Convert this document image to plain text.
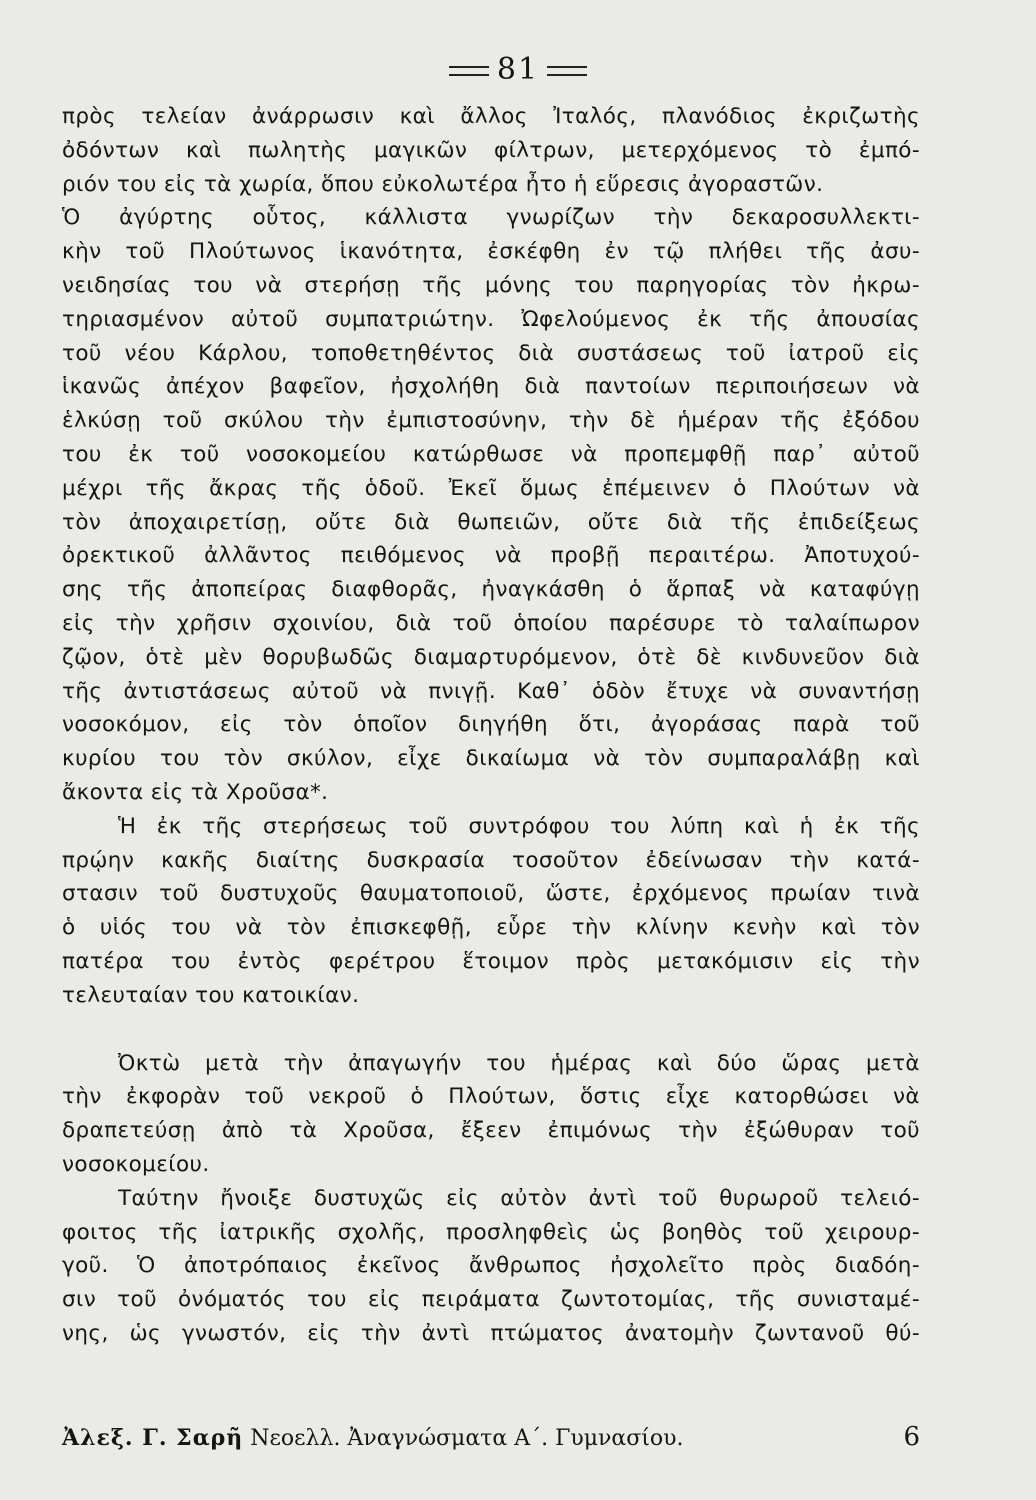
81
πρὸς τελείαν ἀνάρρωσιν καὶ ἄλλος Ἰταλός, πλανόδιος ἐκριζωτὴς
ὀδόντων καὶ πωλητὴς μαγικῶν φίλτρων, μετερχόμενος τὸ ἐμπό-
ριόν του εἰς τὰ χωρία, ὅπου εὐκολωτέρα ἦτο ἡ εὕρεσις ἀγοραστῶν.
Ὁ ἀγύρτης οὗτος, κάλλιστα γνωρίζων τὴν δεκαροσυλλεκτι-
κὴν τοῦ Πλούτωνος ἱκανότητα, ἐσκέφθη ἐν τῷ πλήθει τῆς ἀσυ-
νειδησίας του νὰ στερήσῃ τῆς μόνης του παρηγορίας τὸν ἠκρω-
τηριασμένον αὐτοῦ συμπατριώτην. Ὠφελούμενος ἐκ τῆς ἀπουσίας
τοῦ νέου Κάρλου, τοποθετηθέντος διὰ συστάσεως τοῦ ἰατροῦ εἰς
ἱκανῶς ἀπέχον βαφεῖον, ἠσχολήθη διὰ παντοίων περιποιήσεων νὰ
ἑλκύσῃ τοῦ σκύλου τὴν ἐμπιστοσύνην, τὴν δὲ ἡμέραν τῆς ἐξόδου
του ἐκ τοῦ νοσοκομείου κατώρθωσε νὰ προπεμφθῇ παρ᾽ αὐτοῦ
μέχρι τῆς ἄκρας τῆς ὁδοῦ. Ἐκεῖ ὅμως ἐπέμεινεν ὁ Πλούτων νὰ
τὸν ἀποχαιρετίσῃ, οὔτε διὰ θωπειῶν, οὔτε διὰ τῆς ἐπιδείξεως
ὀρεκτικοῦ ἀλλᾶντος πειθόμενος νὰ προβῇ περαιτέρω. Ἀποτυχού-
σης τῆς ἀποπείρας διαφθορᾶς, ἠναγκάσθη ὁ ἅρπαξ νὰ καταφύγῃ
εἰς τὴν χρῆσιν σχοινίου, διὰ τοῦ ὁποίου παρέσυρε τὸ ταλαίπωρον
ζῷον, ὁτὲ μὲν θορυβωδῶς διαμαρτυρόμενον, ὁτὲ δὲ κινδυνεῦον διὰ
τῆς ἀντιστάσεως αὐτοῦ νὰ πνιγῇ. Καθ᾽ ὁδὸν ἔτυχε νὰ συναντήσῃ
νοσοκόμον, εἰς τὸν ὁποῖον διηγήθη ὅτι, ἀγοράσας παρὰ τοῦ
κυρίου του τὸν σκύλον, εἶχε δικαίωμα νὰ τὸν συμπαραλάβῃ καὶ
ἄκοντα εἰς τὰ Χροῦσα*.
Ἡ ἐκ τῆς στερήσεως τοῦ συντρόφου του λύπη καὶ ἡ ἐκ τῆς
πρῴην κακῆς διαίτης δυσκρασία τοσοῦτον ἐδείνωσαν τὴν κατά-
στασιν τοῦ δυστυχοῦς θαυματοποιοῦ, ὥστε, ἐρχόμενος πρωίαν τινὰ
ὁ υἱός του νὰ τὸν ἐπισκεφθῇ, εὗρε τὴν κλίνην κενὴν καὶ τὸν
πατέρα του ἐντὸς φερέτρου ἕτοιμον πρὸς μετακόμισιν εἰς τὴν
τελευταίαν του κατοικίαν.
Ὀκτὼ μετὰ τὴν ἀπαγωγήν του ἡμέρας καὶ δύο ὥρας μετὰ
τὴν ἐκφορὰν τοῦ νεκροῦ ὁ Πλούτων, ὅστις εἶχε κατορθώσει νὰ
δραπετεύσῃ ἀπὸ τὰ Χροῦσα, ἔξεεν ἐπιμόνως τὴν ἐξώθυραν τοῦ
νοσοκομείου.
Ταύτην ἤνοιξε δυστυχῶς εἰς αὐτὸν ἀντὶ τοῦ θυρωροῦ τελειό-
φοιτος τῆς ἰατρικῆς σχολῆς, προσληφθεὶς ὡς βοηθὸς τοῦ χειρουρ-
γοῦ. Ὁ ἀποτρόπαιος ἐκεῖνος ἄνθρωπος ἠσχολεῖτο πρὸς διαδόη-
σιν τοῦ ὀνόματός του εἰς πειράματα ζωντοτομίας, τῆς συνισταμέ-
νης, ὡς γνωστόν, εἰς τὴν ἀντὶ πτώματος ἀνατομὴν ζωντανοῦ θύ-
Ἀλεξ. Γ. Σαρῆ Νεοελλ. Ἀναγνώσματα Α΄. Γυμνασίου.	6
